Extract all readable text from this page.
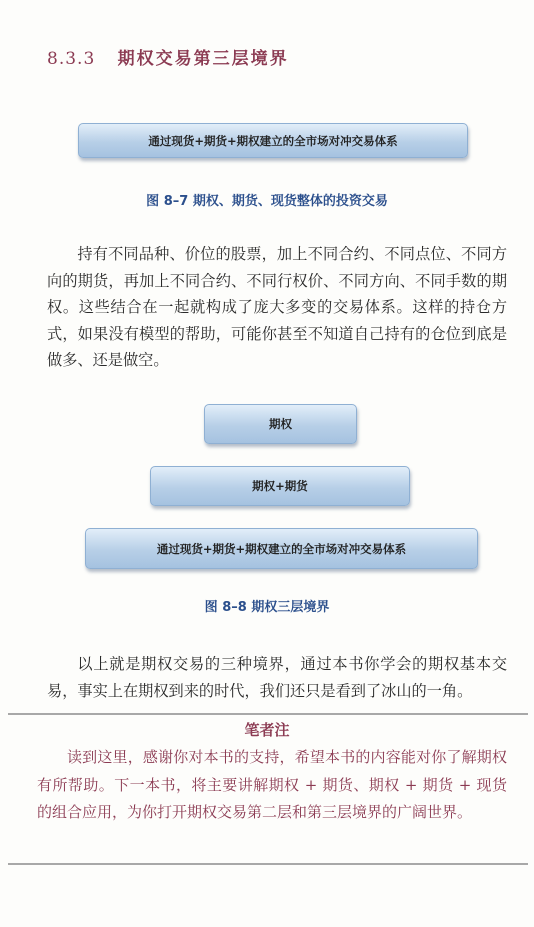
8.3.3 期权交易第三层境界
通过现货+期货+期权建立的全市场对冲交易体系
图 8–7 期权、期货、现货整体的投资交易
持有不同品种、价位的股票，加上不同合约、不同点位、不同方向的期货，再加上不同合约、不同行权价、不同方向、不同手数的期权。这些结合在一起就构成了庞大多变的交易体系。这样的持仓方式，如果没有模型的帮助，可能你甚至不知道自己持有的仓位到底是做多、还是做空。
期权
期权+期货
通过现货+期货+期权建立的全市场对冲交易体系
图 8–8 期权三层境界
以上就是期权交易的三种境界，通过本书你学会的期权基本交易，事实上在期权到来的时代，我们还只是看到了冰山的一角。
笔者注
读到这里，感谢你对本书的支持，希望本书的内容能对你了解期权有所帮助。下一本书，将主要讲解期权 + 期货、期权 + 期货 + 现货的组合应用，为你打开期权交易第二层和第三层境界的广阔世界。
